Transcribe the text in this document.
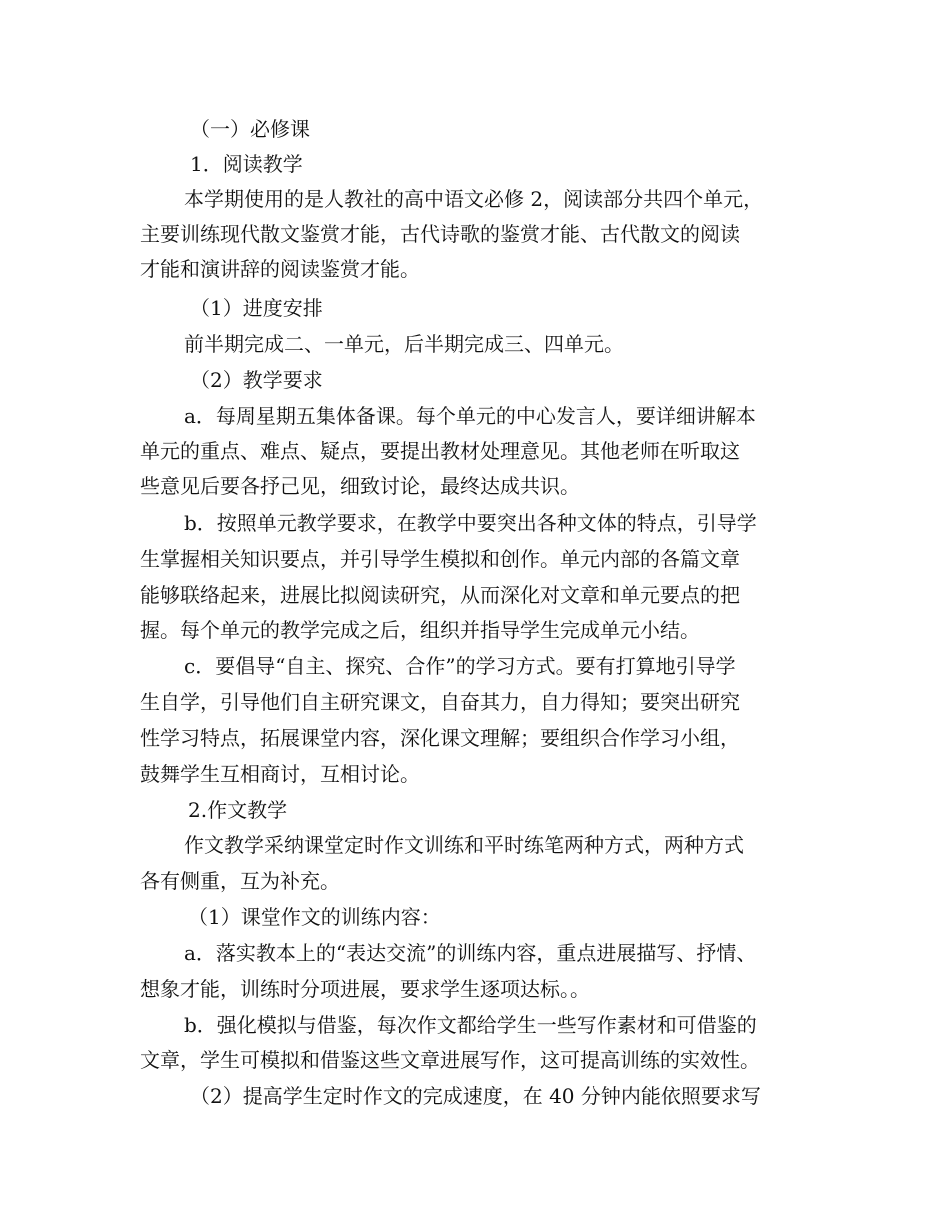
（一）必修课
1．阅读教学
本学期使用的是人教社的高中语文必修 2，阅读部分共四个单元，
主要训练现代散文鉴赏才能，古代诗歌的鉴赏才能、古代散文的阅读
才能和演讲辞的阅读鉴赏才能。
（1）进度安排
前半期完成二、一单元，后半期完成三、四单元。
（2）教学要求
a．每周星期五集体备课。每个单元的中心发言人，要详细讲解本
单元的重点、难点、疑点，要提出教材处理意见。其他老师在听取这
些意见后要各抒己见，细致讨论，最终达成共识。
b．按照单元教学要求，在教学中要突出各种文体的特点，引导学
生掌握相关知识要点，并引导学生模拟和创作。单元内部的各篇文章
能够联络起来，进展比拟阅读研究，从而深化对文章和单元要点的把
握。每个单元的教学完成之后，组织并指导学生完成单元小结。
c．要倡导“自主、探究、合作”的学习方式。要有打算地引导学
生自学，引导他们自主研究课文，自奋其力，自力得知；要突出研究
性学习特点，拓展课堂内容，深化课文理解；要组织合作学习小组，
鼓舞学生互相商讨，互相讨论。
2.作文教学
作文教学采纳课堂定时作文训练和平时练笔两种方式，两种方式
各有侧重，互为补充。
（1）课堂作文的训练内容：
a．落实教本上的“表达交流”的训练内容，重点进展描写、抒情、
想象才能，训练时分项进展，要求学生逐项达标。。
b．强化模拟与借鉴，每次作文都给学生一些写作素材和可借鉴的
文章，学生可模拟和借鉴这些文章进展写作，这可提高训练的实效性。
（2）提高学生定时作文的完成速度，在 40 分钟内能依照要求写
